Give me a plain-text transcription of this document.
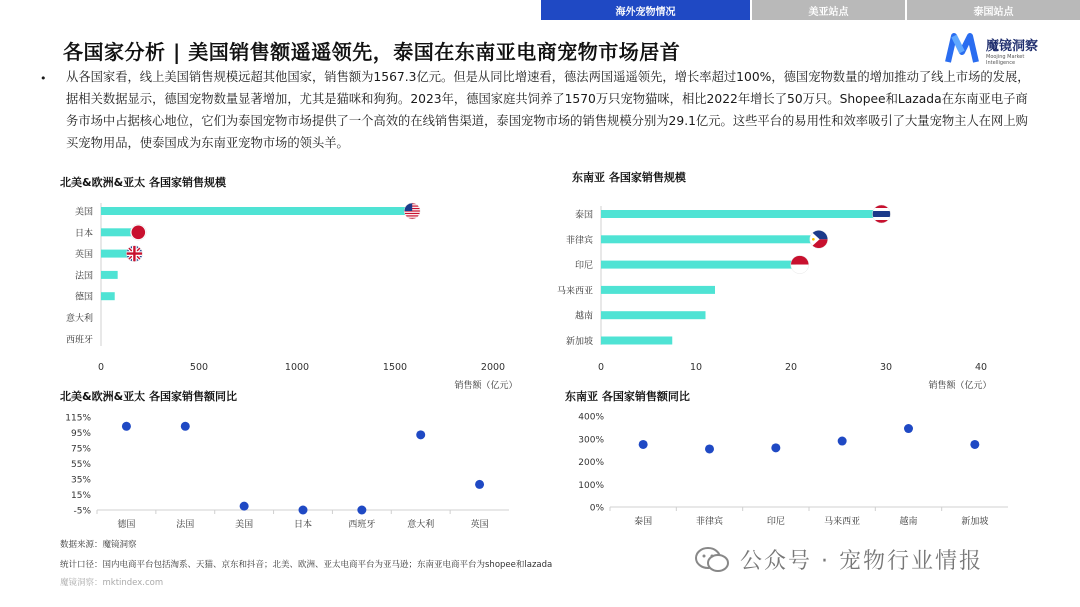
海外宠物情况	美亚站点	泰国站点
各国家分析 | 美国销售额遥遥领先，泰国在东南亚电商宠物市场居首	魔镜洞察
Moojing Market Intelligence
• 从各国家看，线上美国销售规模远超其他国家，销售额为1567.3亿元。但是从同比增速看，德法两国遥遥领先，增长率超过100%，德国宠物数量的增加推动了线上市场的发展，据相关数据显示，德国宠物数量显著增加，尤其是猫咪和狗狗。2023年，德国家庭共饲养了1570万只宠物猫咪，相比2022年增长了50万只。Shopee和Lazada在东南亚电子商务市场中占据核心地位，它们为泰国宠物市场提供了一个高效的在线销售渠道，泰国宠物市场的销售规模分别为29.1亿元。这些平台的易用性和效率吸引了大量宠物主人在网上购买宠物用品，使泰国成为东南亚宠物市场的领头羊。
北美&欧洲&亚太 各国家销售规模
美国
日本
英国
法国
德国
意大利
西班牙
0	500	1000	1500	2000
销售额（亿元）
东南亚 各国家销售规模
泰国
菲律宾
印尼
马来西亚
越南
新加坡
0	10	20	30	40
销售额（亿元）
北美&欧洲&亚太 各国家销售额同比
115%
95%
75%
55%
35%
15%
-5%
德国	法国	美国	日本	西班牙	意大利	英国
东南亚 各国家销售额同比
400%
300%
200%
100%
0%
泰国	菲律宾	印尼	马来西亚	越南	新加坡
数据来源：魔镜洞察
统计口径：国内电商平台包括淘系、天猫、京东和抖音；北美、欧洲、亚太电商平台为亚马逊；东南亚电商平台为shopee和lazada
魔镜洞察：mktindex.com
公众号 · 宠物行业情报
